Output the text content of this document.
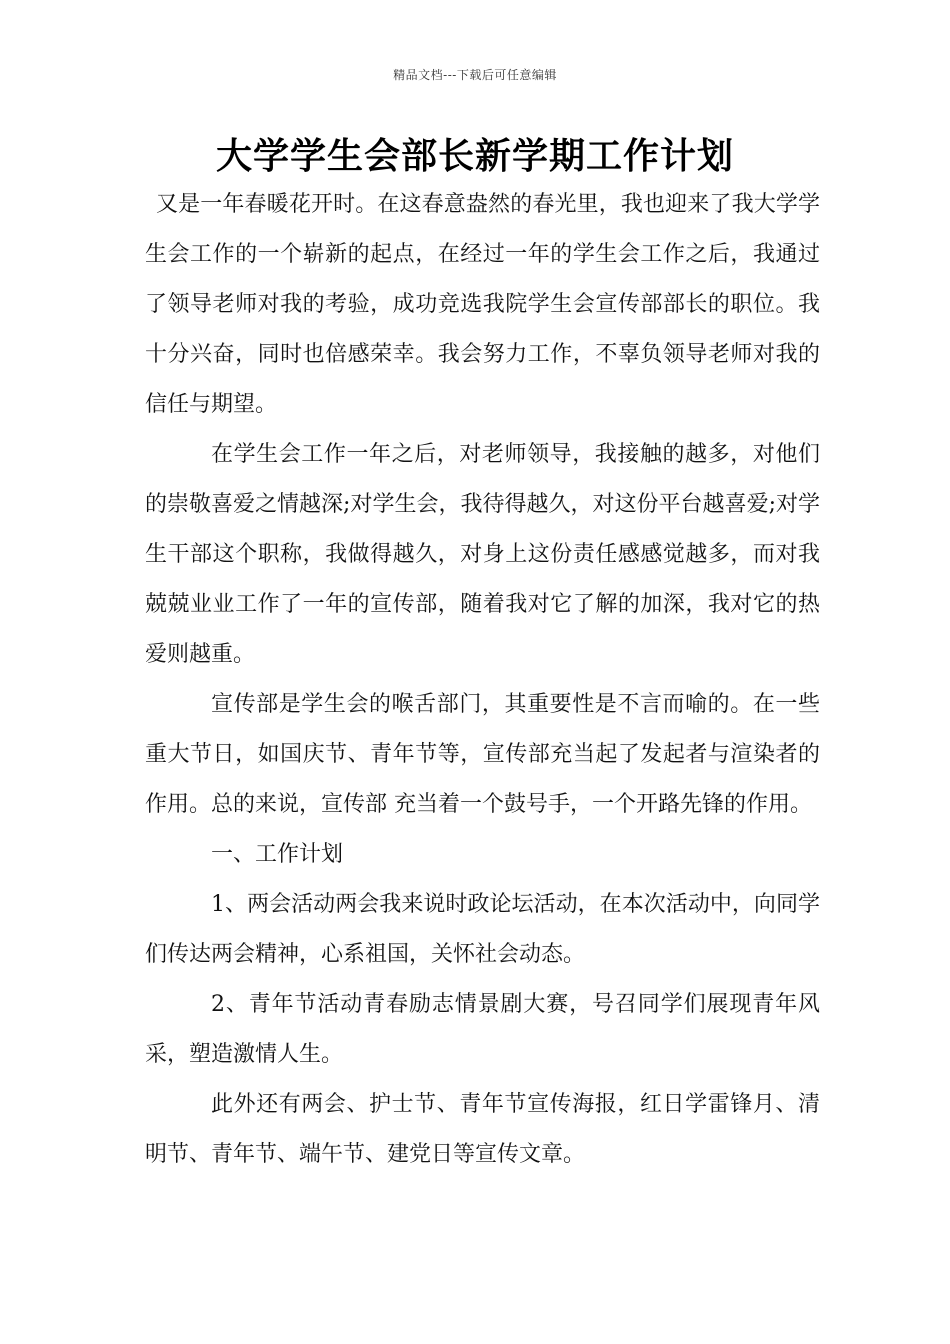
精品文档---下载后可任意编辑
大学学生会部长新学期工作计划

又是一年春暖花开时。在这春意盎然的春光里，我也迎来了我大学学生会工作的一个崭新的起点，在经过一年的学生会工作之后，我通过了领导老师对我的考验，成功竞选我院学生会宣传部部长的职位。我十分兴奋，同时也倍感荣幸。我会努力工作，不辜负领导老师对我的信任与期望。

在学生会工作一年之后，对老师领导，我接触的越多，对他们的崇敬喜爱之情越深;对学生会，我待得越久，对这份平台越喜爱;对学生干部这个职称，我做得越久，对身上这份责任感感觉越多，而对我兢兢业业工作了一年的宣传部，随着我对它了解的加深，我对它的热爱则越重。

宣传部是学生会的喉舌部门，其重要性是不言而喻的。在一些重大节日，如国庆节、青年节等，宣传部充当起了发起者与渲染者的作用。总的来说，宣传部 充当着一个鼓号手，一个开路先锋的作用。

一、工作计划

1、两会活动两会我来说时政论坛活动，在本次活动中，向同学们传达两会精神，心系祖国，关怀社会动态。

2、青年节活动青春励志情景剧大赛，号召同学们展现青年风采，塑造激情人生。

此外还有两会、护士节、青年节宣传海报，红日学雷锋月、清明节、青年节、端午节、建党日等宣传文章。
